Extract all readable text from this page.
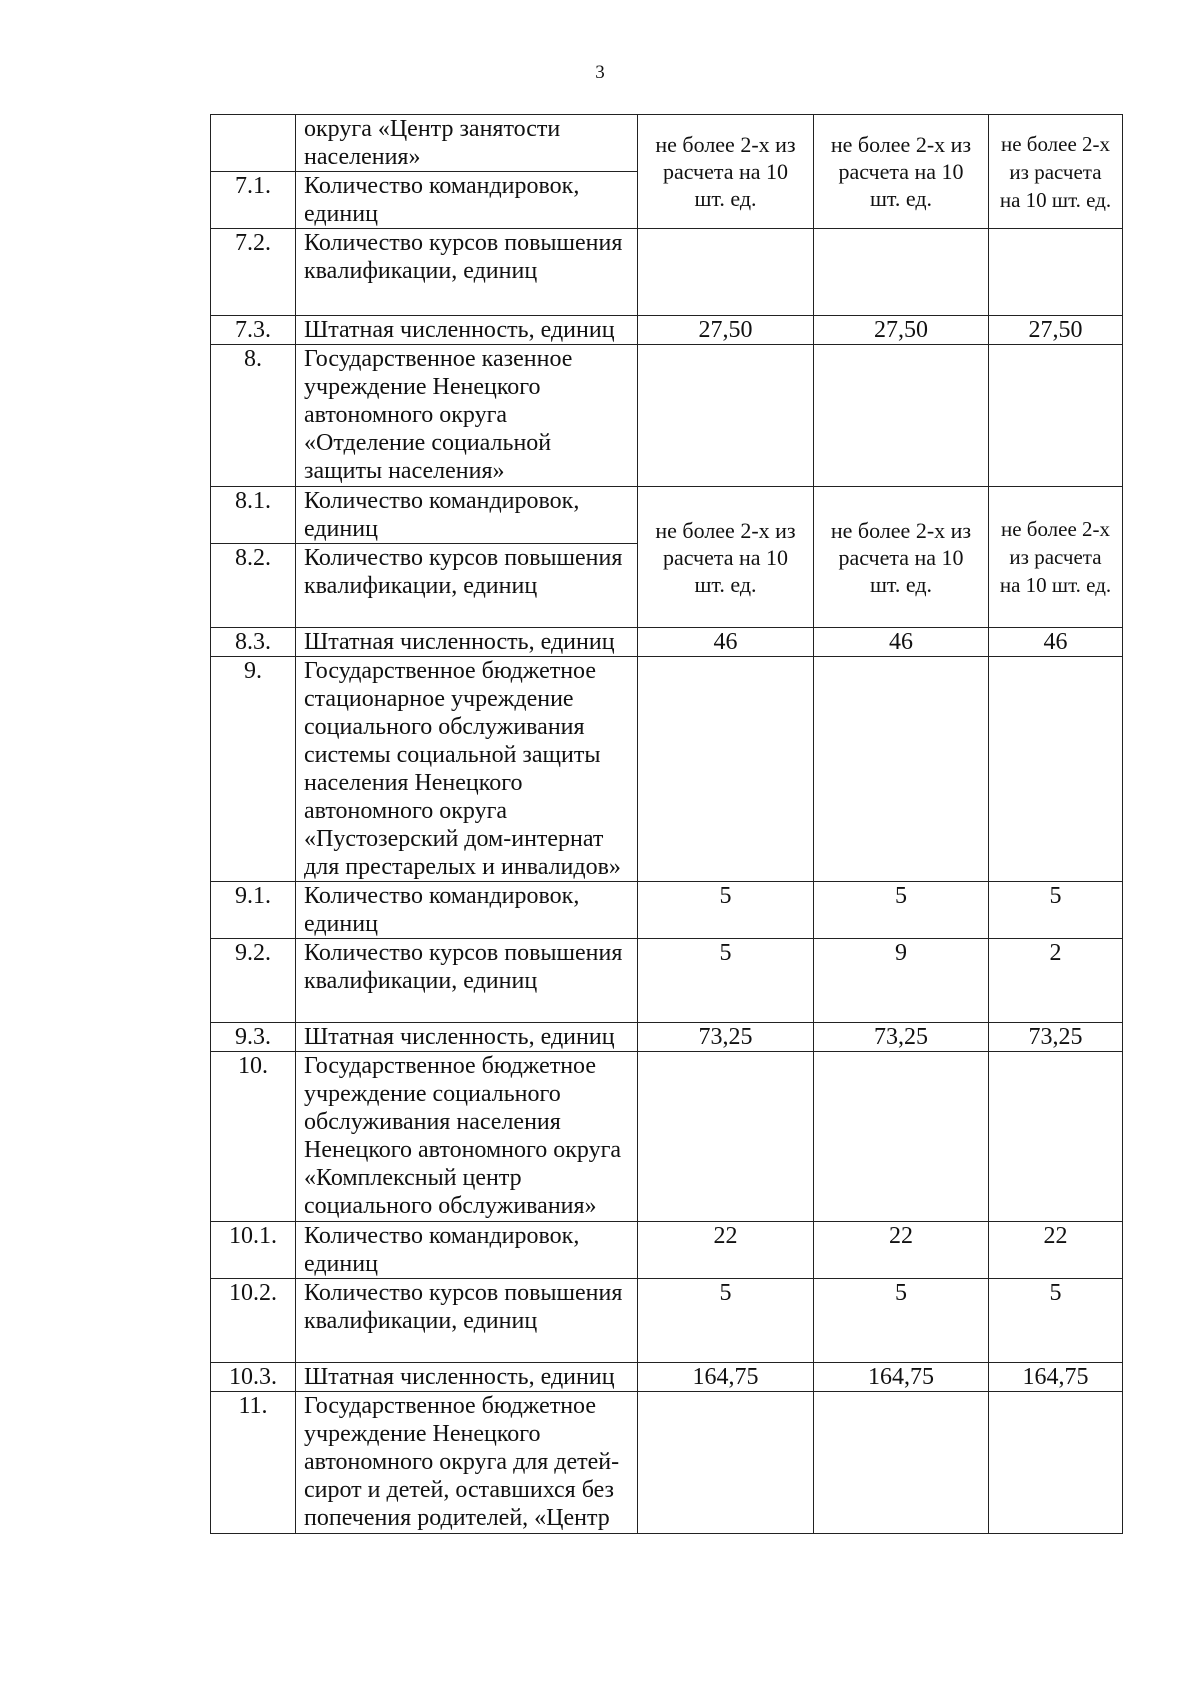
3
	округа «Центр занятости населения»	не более 2-х из расчета на 10 шт. ед.	не более 2-х из расчета на 10 шт. ед.	не более 2-х из расчета на 10 шт. ед.
7.1.	Количество командировок, единиц			
7.2.	Количество курсов повышения квалификации, единиц			
7.3.	Штатная численность, единиц	27,50	27,50	27,50
8.	Государственное казенное учреждение Ненецкого автономного округа «Отделение социальной защиты населения»			
8.1.	Количество командировок, единиц	не более 2-х из расчета на 10 шт. ед.	не более 2-х из расчета на 10 шт. ед.	не более 2-х из расчета на 10 шт. ед.
8.2.	Количество курсов повышения квалификации, единиц			
8.3.	Штатная численность, единиц	46	46	46
9.	Государственное бюджетное стационарное учреждение социального обслуживания системы социальной защиты населения Ненецкого автономного округа «Пустозерский дом-интернат для престарелых и инвалидов»			
9.1.	Количество командировок, единиц	5	5	5
9.2.	Количество курсов повышения квалификации, единиц	5	9	2
9.3.	Штатная численность, единиц	73,25	73,25	73,25
10.	Государственное бюджетное учреждение социального обслуживания населения Ненецкого автономного округа «Комплексный центр социального обслуживания»			
10.1.	Количество командировок, единиц	22	22	22
10.2.	Количество курсов повышения квалификации, единиц	5	5	5
10.3.	Штатная численность, единиц	164,75	164,75	164,75
11.	Государственное бюджетное учреждение Ненецкого автономного округа для детей-сирот и детей, оставшихся без попечения родителей, «Центр			
